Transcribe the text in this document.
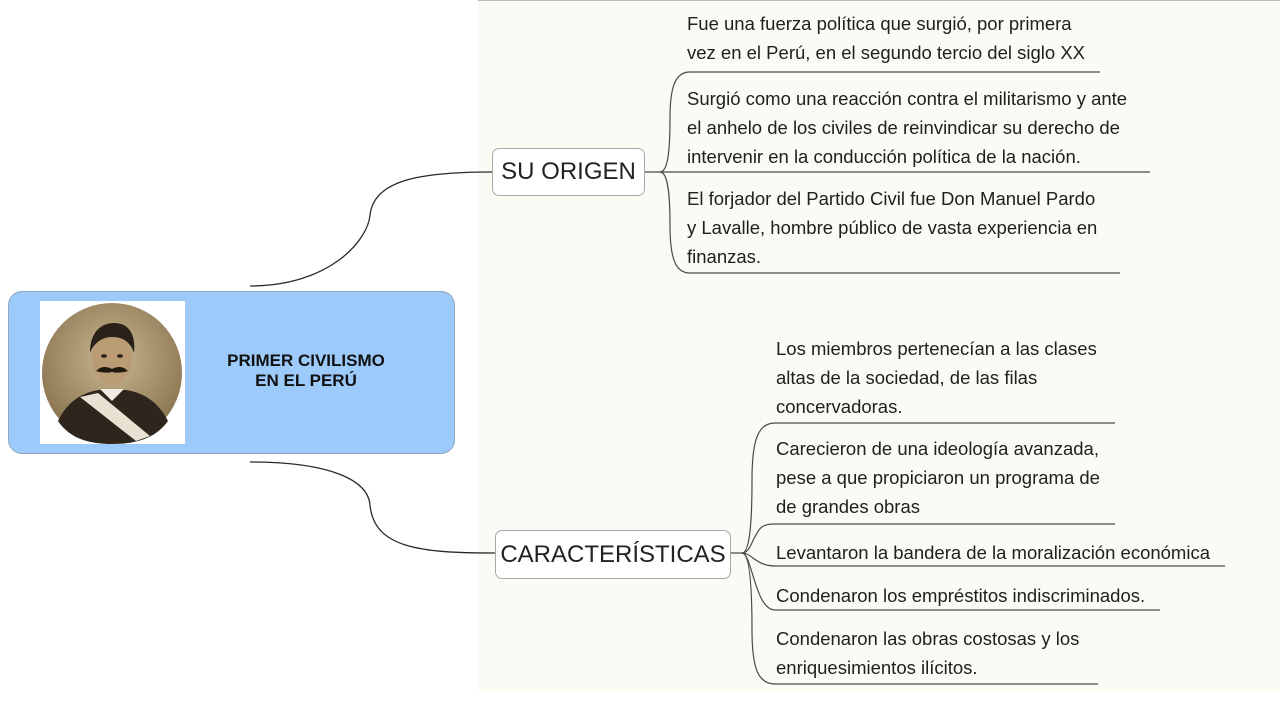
PRIMER CIVILISMO
EN EL PERÚ
SU ORIGEN
Fue una fuerza política que surgió, por primera
vez en el Perú, en el segundo tercio del siglo XX
Surgió como una reacción contra el militarismo y ante
el anhelo de los civiles de reinvindicar su derecho de
intervenir en la conducción política de la nación.
El forjador del Partido Civil fue Don Manuel Pardo
y Lavalle, hombre público de vasta experiencia en
finanzas.
CARACTERÍSTICAS
Los miembros pertenecían a las clases
altas de la sociedad, de las filas
concervadoras.
Carecieron de una ideología avanzada,
pese a que propiciaron un programa de
de grandes obras
Levantaron la bandera de la moralización económica
Condenaron los empréstitos indiscriminados.
Condenaron las obras costosas y los
enriquesimientos ilícitos.
